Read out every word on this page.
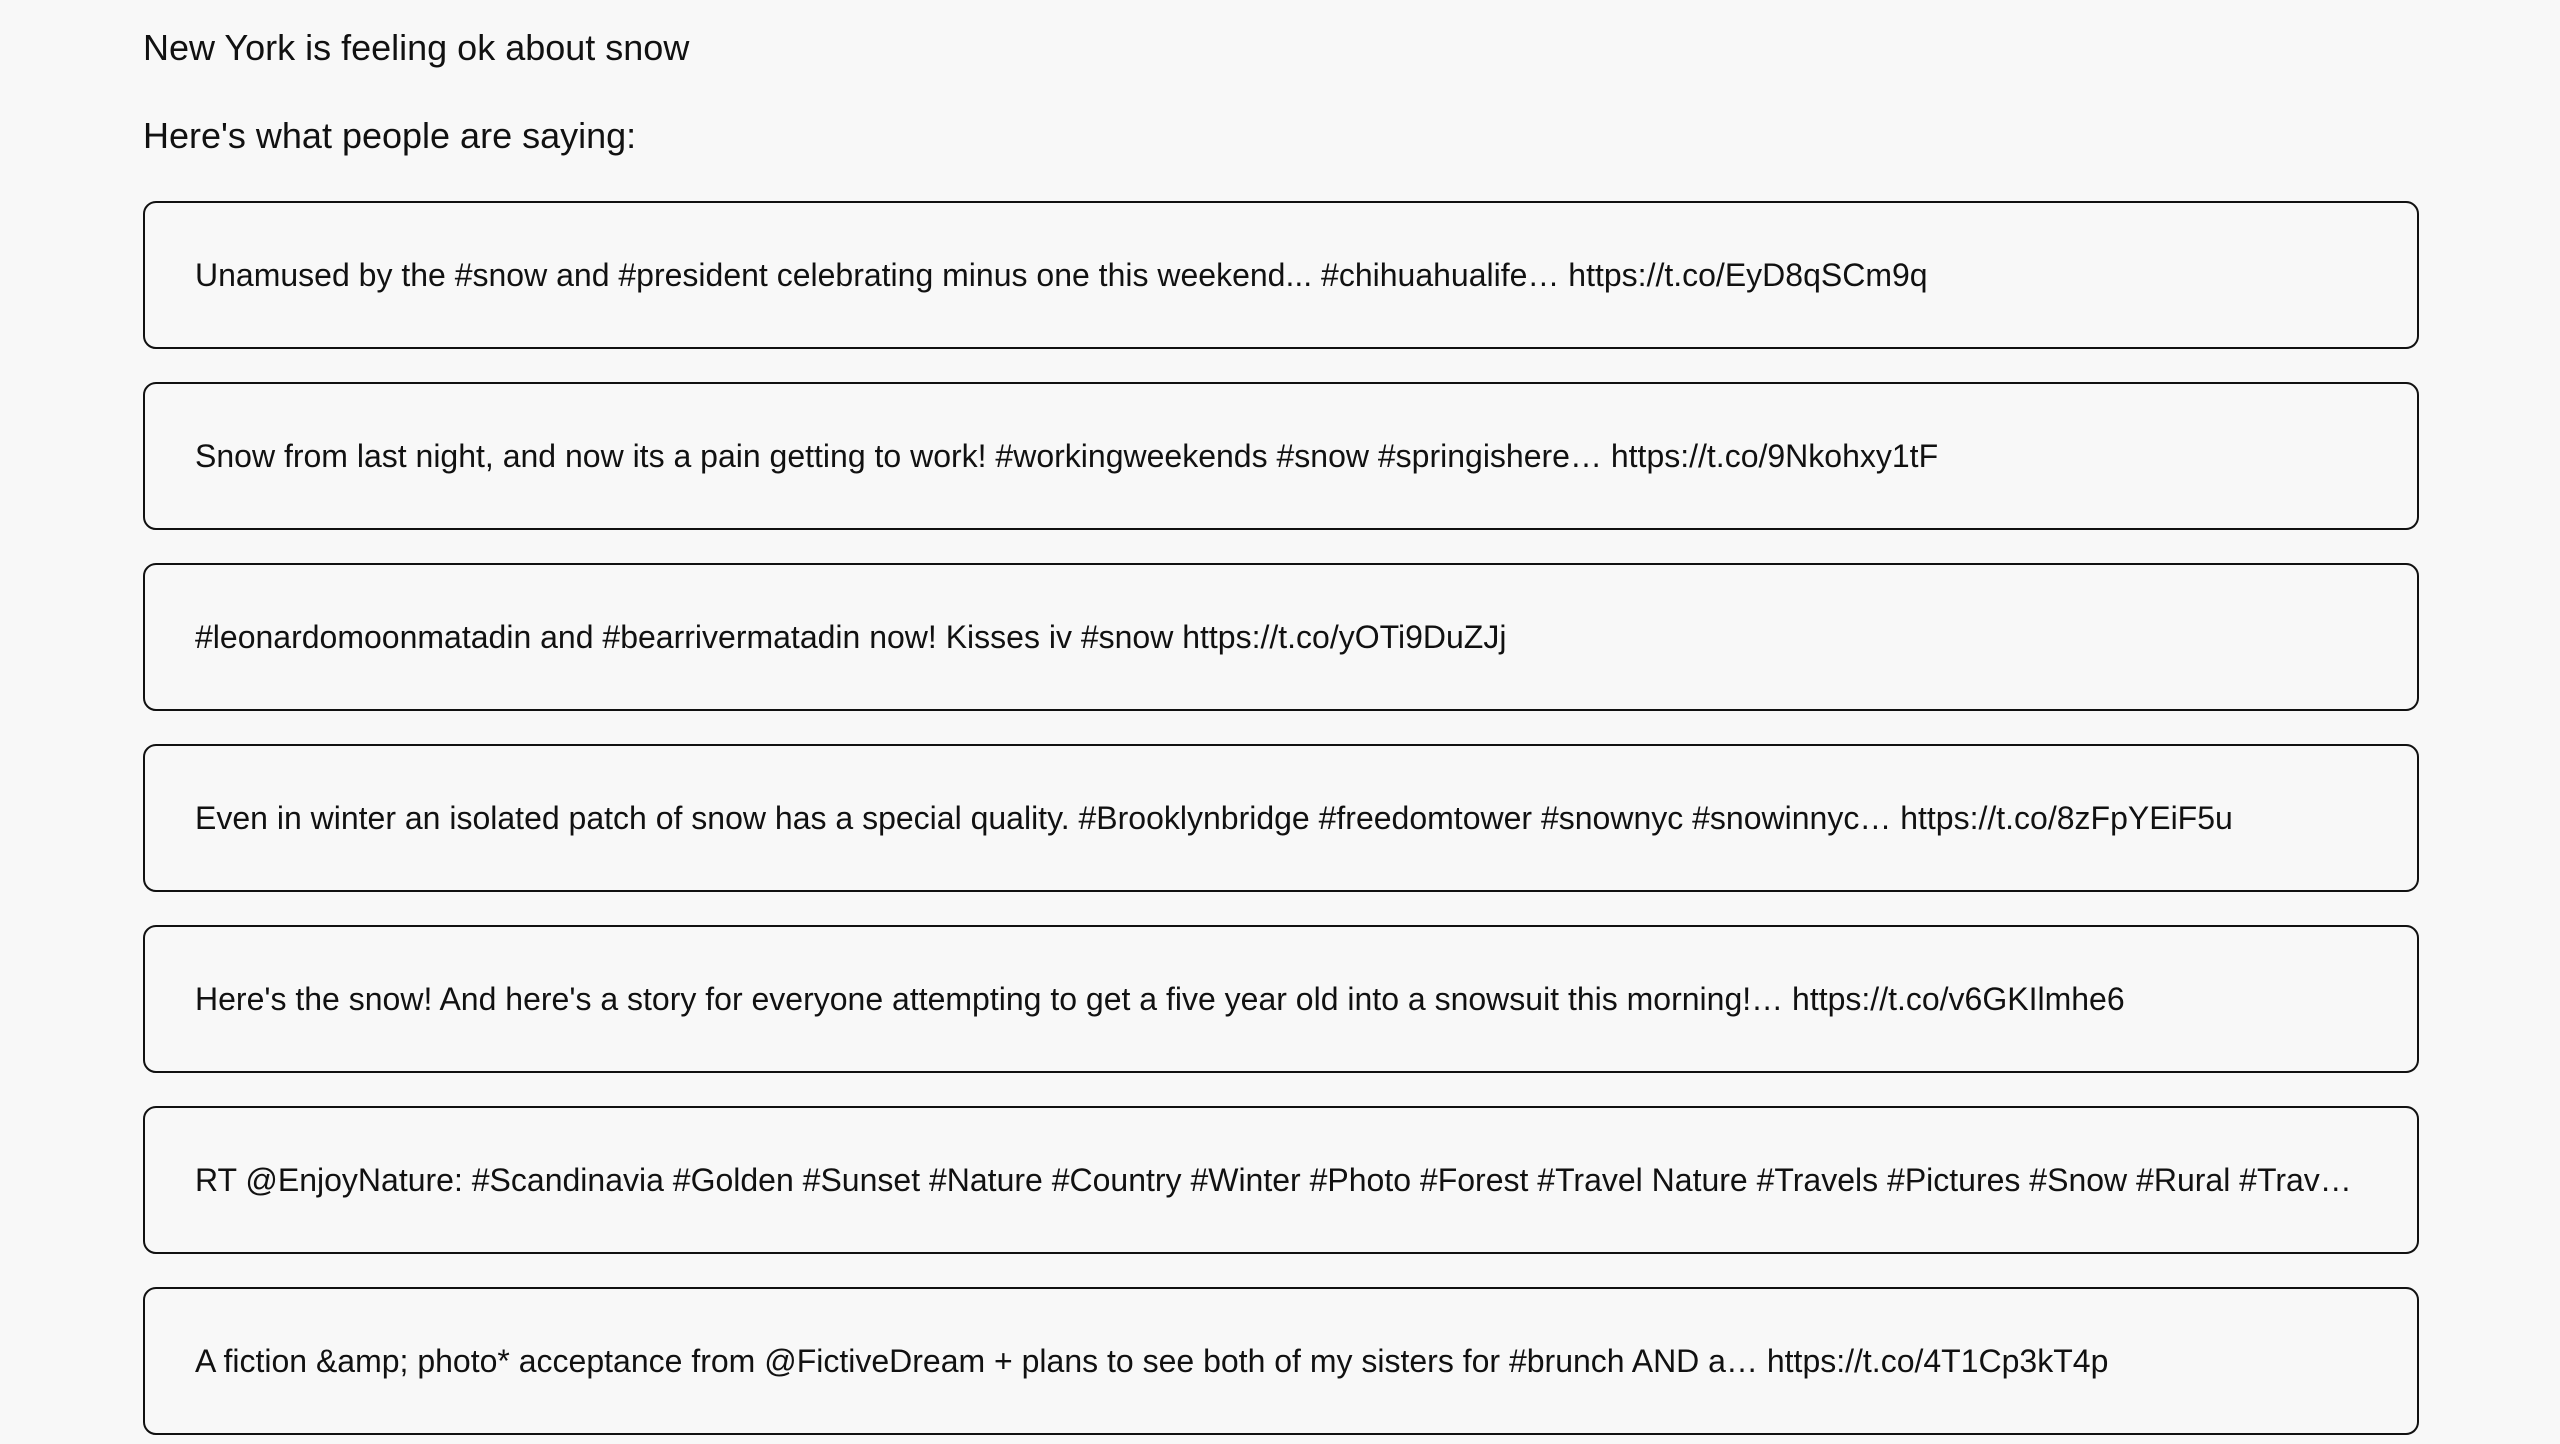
New York is feeling ok about snow
Here's what people are saying:
Unamused by the #snow and #president celebrating minus one this weekend... #chihuahualife… https://t.co/EyD8qSCm9q
Snow from last night, and now its a pain getting to work! #workingweekends #snow #springishere… https://t.co/9Nkohxy1tF
#leonardomoonmatadin and #bearrivermatadin now! Kisses iv #snow https://t.co/yOTi9DuZJj
Even in winter an isolated patch of snow has a special quality. #Brooklynbridge #freedomtower #snownyc #snowinnyc… https://t.co/8zFpYEiF5u
Here's the snow! And here's a story for everyone attempting to get a five year old into a snowsuit this morning!… https://t.co/v6GKIlmhe6
RT @EnjoyNature: #Scandinavia #Golden #Sunset #Nature #Country #Winter #Photo #Forest #Travel Nature #Travels #Pictures #Snow #Rural #Trav…
A fiction &amp; photo* acceptance from @FictiveDream + plans to see both of my sisters for #brunch AND a… https://t.co/4T1Cp3kT4p
